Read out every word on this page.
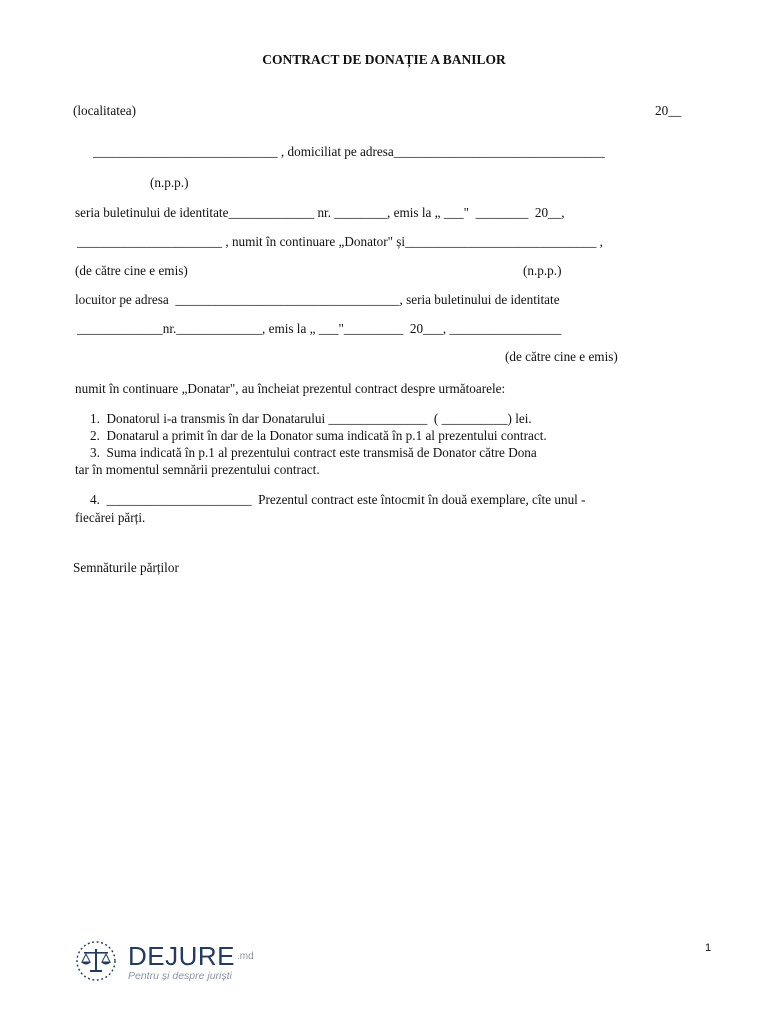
CONTRACT DE DONAȚIE A BANILOR
(localitatea)	20__
____________________________ , domiciliat pe adresa________________________________
(n.p.p.)
seria buletinului de identitate_____________ nr. ________, emis la „ ___"  ________  20__,
______________________ , numit în continuare „Donator" și_____________________________ ,
(de către cine e emis)	(n.p.p.)
locuitor pe adresa  __________________________________, seria buletinului de identitate
_____________nr._____________, emis la „ ___"_________  20___, _________________
(de către cine e emis)
numit în continuare „Donatar", au încheiat prezentul contract despre următoarele:
1.  Donatorul i-a transmis în dar Donatarului _______________  ( __________) lei.
2.  Donatarul a primit în dar de la Donator suma indicată în p.1 al prezentului contract.
3.  Suma indicată în p.1 al prezentului contract este transmisă de Donator către Dona
tar în momentul semnării prezentului contract.
4.  ______________________  Prezentul contract este întocmit în două exemplare, cîte unul -
fiecărei părți.
Semnăturile părților
DEJURE .md
Pentru și despre juriști
1
